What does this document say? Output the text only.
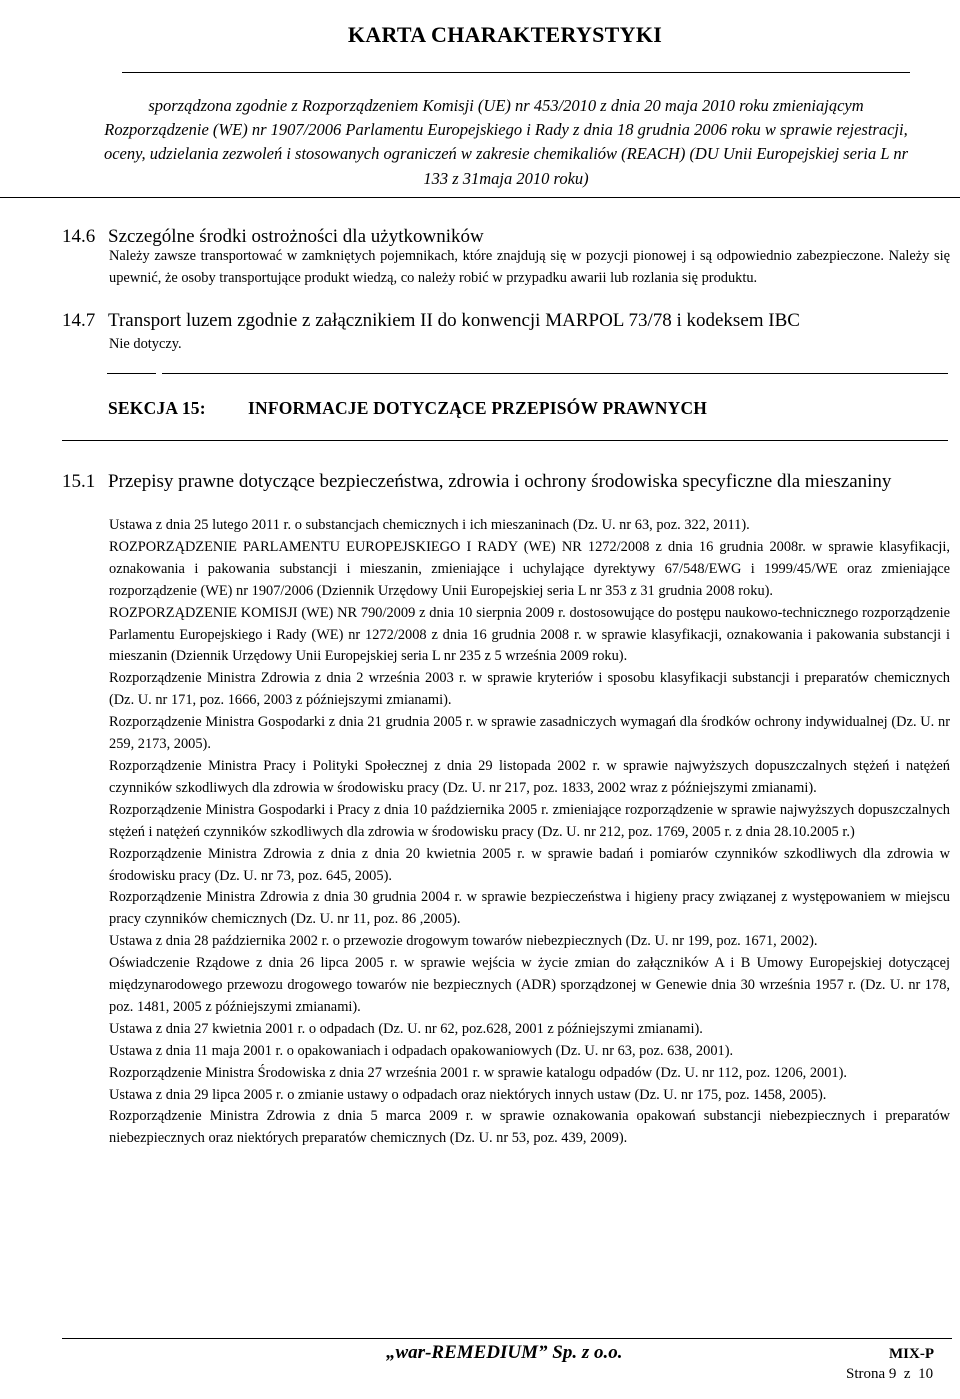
KARTA CHARAKTERYSTYKI
sporządzona zgodnie z Rozporządzeniem Komisji (UE) nr 453/2010 z dnia 20 maja 2010 roku zmieniającym
Rozporządzenie (WE) nr 1907/2006 Parlamentu Europejskiego i Rady z dnia 18 grudnia 2006 roku w sprawie rejestracji,
oceny, udzielania zezwoleń i stosowanych ograniczeń w zakresie chemikaliów (REACH) (DU Unii Europejskiej seria L nr
133 z 31maja 2010 roku)
14.6 Szczególne środki ostrożności dla użytkowników
Należy zawsze transportować w zamkniętych pojemnikach, które znajdują się w pozycji pionowej i są odpowiednio zabezpieczone. Należy się upewnić, że osoby transportujące produkt wiedzą, co należy robić w przypadku awarii lub rozlania się produktu.
14.7 Transport luzem zgodnie z załącznikiem II do konwencji MARPOL 73/78 i kodeksem IBC
Nie dotyczy.
SEKCJA 15: INFORMACJE DOTYCZĄCE PRZEPISÓW PRAWNYCH
15.1 Przepisy prawne dotyczące bezpieczeństwa, zdrowia i ochrony środowiska specyficzne dla mieszaniny

Ustawa z dnia 25 lutego 2011 r. o substancjach chemicznych i ich mieszaninach (Dz. U. nr 63, poz. 322, 2011).

ROZPORZĄDZENIE PARLAMENTU EUROPEJSKIEGO I RADY (WE) NR 1272/2008 z dnia 16 grudnia 2008r. w sprawie klasyfikacji, oznakowania i pakowania substancji i mieszanin, zmieniające i uchylające dyrektywy 67/548/EWG i 1999/45/WE oraz zmieniające rozporządzenie (WE) nr 1907/2006 (Dziennik Urzędowy Unii Europejskiej seria L nr 353 z 31 grudnia 2008 roku).

ROZPORZĄDZENIE KOMISJI (WE) NR 790/2009 z dnia 10 sierpnia 2009 r. dostosowujące do postępu naukowo-technicznego rozporządzenie Parlamentu Europejskiego i Rady (WE) nr 1272/2008 z dnia 16 grudnia 2008 r. w sprawie klasyfikacji, oznakowania i pakowania substancji i mieszanin (Dziennik Urzędowy Unii Europejskiej seria L nr 235 z 5 września 2009 roku).

Rozporządzenie Ministra Zdrowia z dnia 2 września 2003 r. w sprawie kryteriów i sposobu klasyfikacji substancji i preparatów chemicznych (Dz. U. nr 171, poz. 1666, 2003 z późniejszymi zmianami).

Rozporządzenie Ministra Gospodarki z dnia 21 grudnia 2005 r. w sprawie zasadniczych wymagań dla środków ochrony indywidualnej (Dz. U. nr 259, 2173, 2005).

Rozporządzenie Ministra Pracy i Polityki Społecznej z dnia 29 listopada 2002 r. w sprawie najwyższych dopuszczalnych stężeń i natężeń czynników szkodliwych dla zdrowia w środowisku pracy (Dz. U. nr 217, poz. 1833, 2002 wraz z późniejszymi zmianami).

Rozporządzenie Ministra Gospodarki i Pracy z dnia 10 października 2005 r. zmieniające rozporządzenie w sprawie najwyższych dopuszczalnych stężeń i natężeń czynników szkodliwych dla zdrowia w środowisku pracy (Dz. U. nr 212, poz. 1769, 2005 r. z dnia 28.10.2005 r.)

Rozporządzenie Ministra Zdrowia z dnia z dnia 20 kwietnia 2005 r. w sprawie badań i pomiarów czynników szkodliwych dla zdrowia w środowisku pracy (Dz. U. nr 73, poz. 645, 2005).

Rozporządzenie Ministra Zdrowia z dnia 30 grudnia 2004 r. w sprawie bezpieczeństwa i higieny pracy związanej z występowaniem w miejscu pracy czynników chemicznych (Dz. U. nr 11, poz. 86 ,2005).

Ustawa z dnia 28 października 2002 r. o przewozie drogowym towarów niebezpiecznych (Dz. U. nr 199, poz. 1671, 2002).

Oświadczenie Rządowe z dnia 26 lipca 2005 r. w sprawie wejścia w życie zmian do załączników A i B Umowy Europejskiej dotyczącej międzynarodowego przewozu drogowego towarów nie bezpiecznych (ADR) sporządzonej w Genewie dnia 30 września 1957 r. (Dz. U. nr 178, poz. 1481, 2005 z późniejszymi zmianami).

Ustawa z dnia 27 kwietnia 2001 r. o odpadach (Dz. U. nr 62, poz.628, 2001 z późniejszymi zmianami).

Ustawa z dnia 11 maja 2001 r. o opakowaniach i odpadach opakowaniowych (Dz. U. nr 63, poz. 638, 2001).

Rozporządzenie Ministra Środowiska z dnia 27 września 2001 r. w sprawie katalogu odpadów (Dz. U. nr 112, poz. 1206, 2001).

Ustawa z dnia 29 lipca 2005 r. o zmianie ustawy o odpadach oraz niektórych innych ustaw (Dz. U. nr 175, poz. 1458, 2005).

Rozporządzenie Ministra Zdrowia z dnia 5 marca 2009 r. w sprawie oznakowania opakowań substancji niebezpiecznych i preparatów niebezpiecznych oraz niektórych preparatów chemicznych (Dz. U. nr 53, poz. 439, 2009).

„war-REMEDIUM” Sp. z o.o.	MIX-P
Strona 9  z  10
